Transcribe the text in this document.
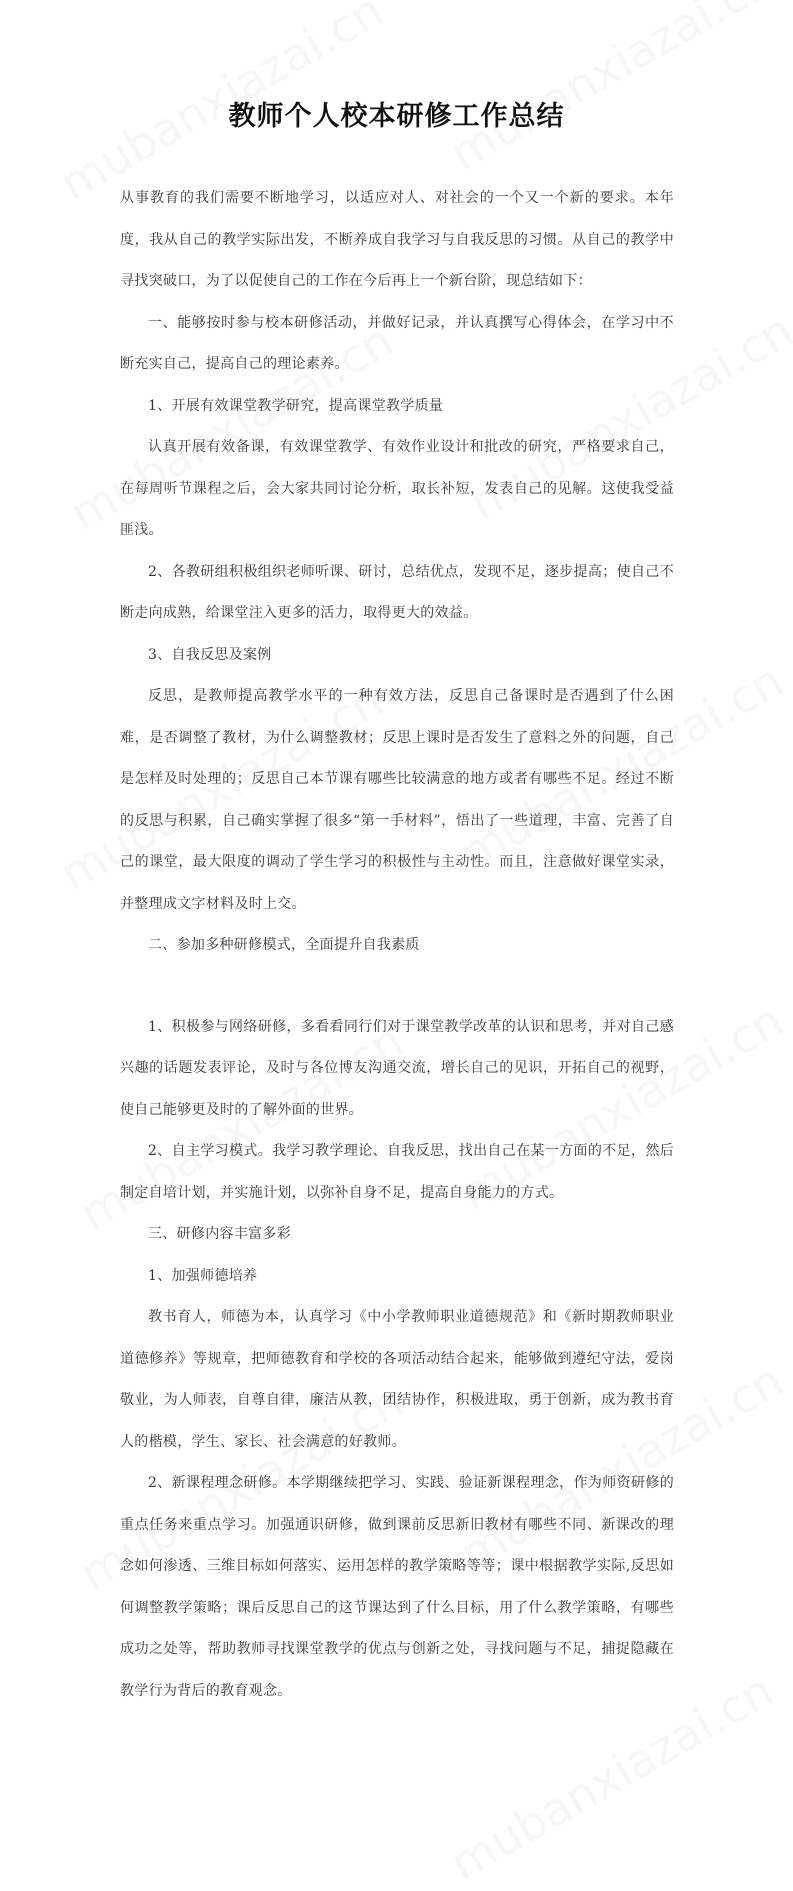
教师个人校本研修工作总结

从事教育的我们需要不断地学习，以适应对人、对社会的一个又一个新的要求。本年度，我从自己的教学实际出发，不断养成自我学习与自我反思的习惯。从自己的教学中寻找突破口，为了以促使自己的工作在今后再上一个新台阶，现总结如下：

一、能够按时参与校本研修活动，并做好记录，并认真撰写心得体会，在学习中不断充实自己，提高自己的理论素养。

1、开展有效课堂教学研究，提高课堂教学质量

认真开展有效备课，有效课堂教学、有效作业设计和批改的研究，严格要求自己，在每周听节课程之后，会大家共同讨论分析，取长补短，发表自己的见解。这使我受益匪浅。

2、各教研组积极组织老师听课、研讨，总结优点，发现不足，逐步提高；使自己不断走向成熟，给课堂注入更多的活力，取得更大的效益。

3、自我反思及案例

反思，是教师提高教学水平的一种有效方法，反思自己备课时是否遇到了什么困难，是否调整了教材，为什么调整教材；反思上课时是否发生了意料之外的问题，自己是怎样及时处理的；反思自己本节课有哪些比较满意的地方或者有哪些不足。经过不断的反思与积累，自己确实掌握了很多“第一手材料”，悟出了一些道理，丰富、完善了自己的课堂，最大限度的调动了学生学习的积极性与主动性。而且，注意做好课堂实录，并整理成文字材料及时上交。

二、参加多种研修模式，全面提升自我素质

1、积极参与网络研修，多看看同行们对于课堂教学改革的认识和思考，并对自己感兴趣的话题发表评论，及时与各位博友沟通交流，增长自己的见识，开拓自己的视野，使自己能够更及时的了解外面的世界。

2、自主学习模式。我学习教学理论、自我反思，找出自己在某一方面的不足，然后制定自培计划，并实施计划，以弥补自身不足，提高自身能力的方式。

三、研修内容丰富多彩

1、加强师德培养

教书育人，师德为本，认真学习《中小学教师职业道德规范》和《新时期教师职业道德修养》等规章，把师德教育和学校的各项活动结合起来，能够做到遵纪守法，爱岗敬业，为人师表，自尊自律，廉洁从教，团结协作，积极进取，勇于创新，成为教书育人的楷模，学生、家长、社会满意的好教师。

2、新课程理念研修。本学期继续把学习、实践、验证新课程理念，作为师资研修的重点任务来重点学习。加强通识研修，做到课前反思新旧教材有哪些不同、新课改的理念如何渗透、三维目标如何落实、运用怎样的教学策略等等；课中根据教学实际,反思如何调整教学策略；课后反思自己的这节课达到了什么目标，用了什么教学策略，有哪些成功之处等，帮助教师寻找课堂教学的优点与创新之处，寻找问题与不足，捕捉隐藏在教学行为背后的教育观念。
